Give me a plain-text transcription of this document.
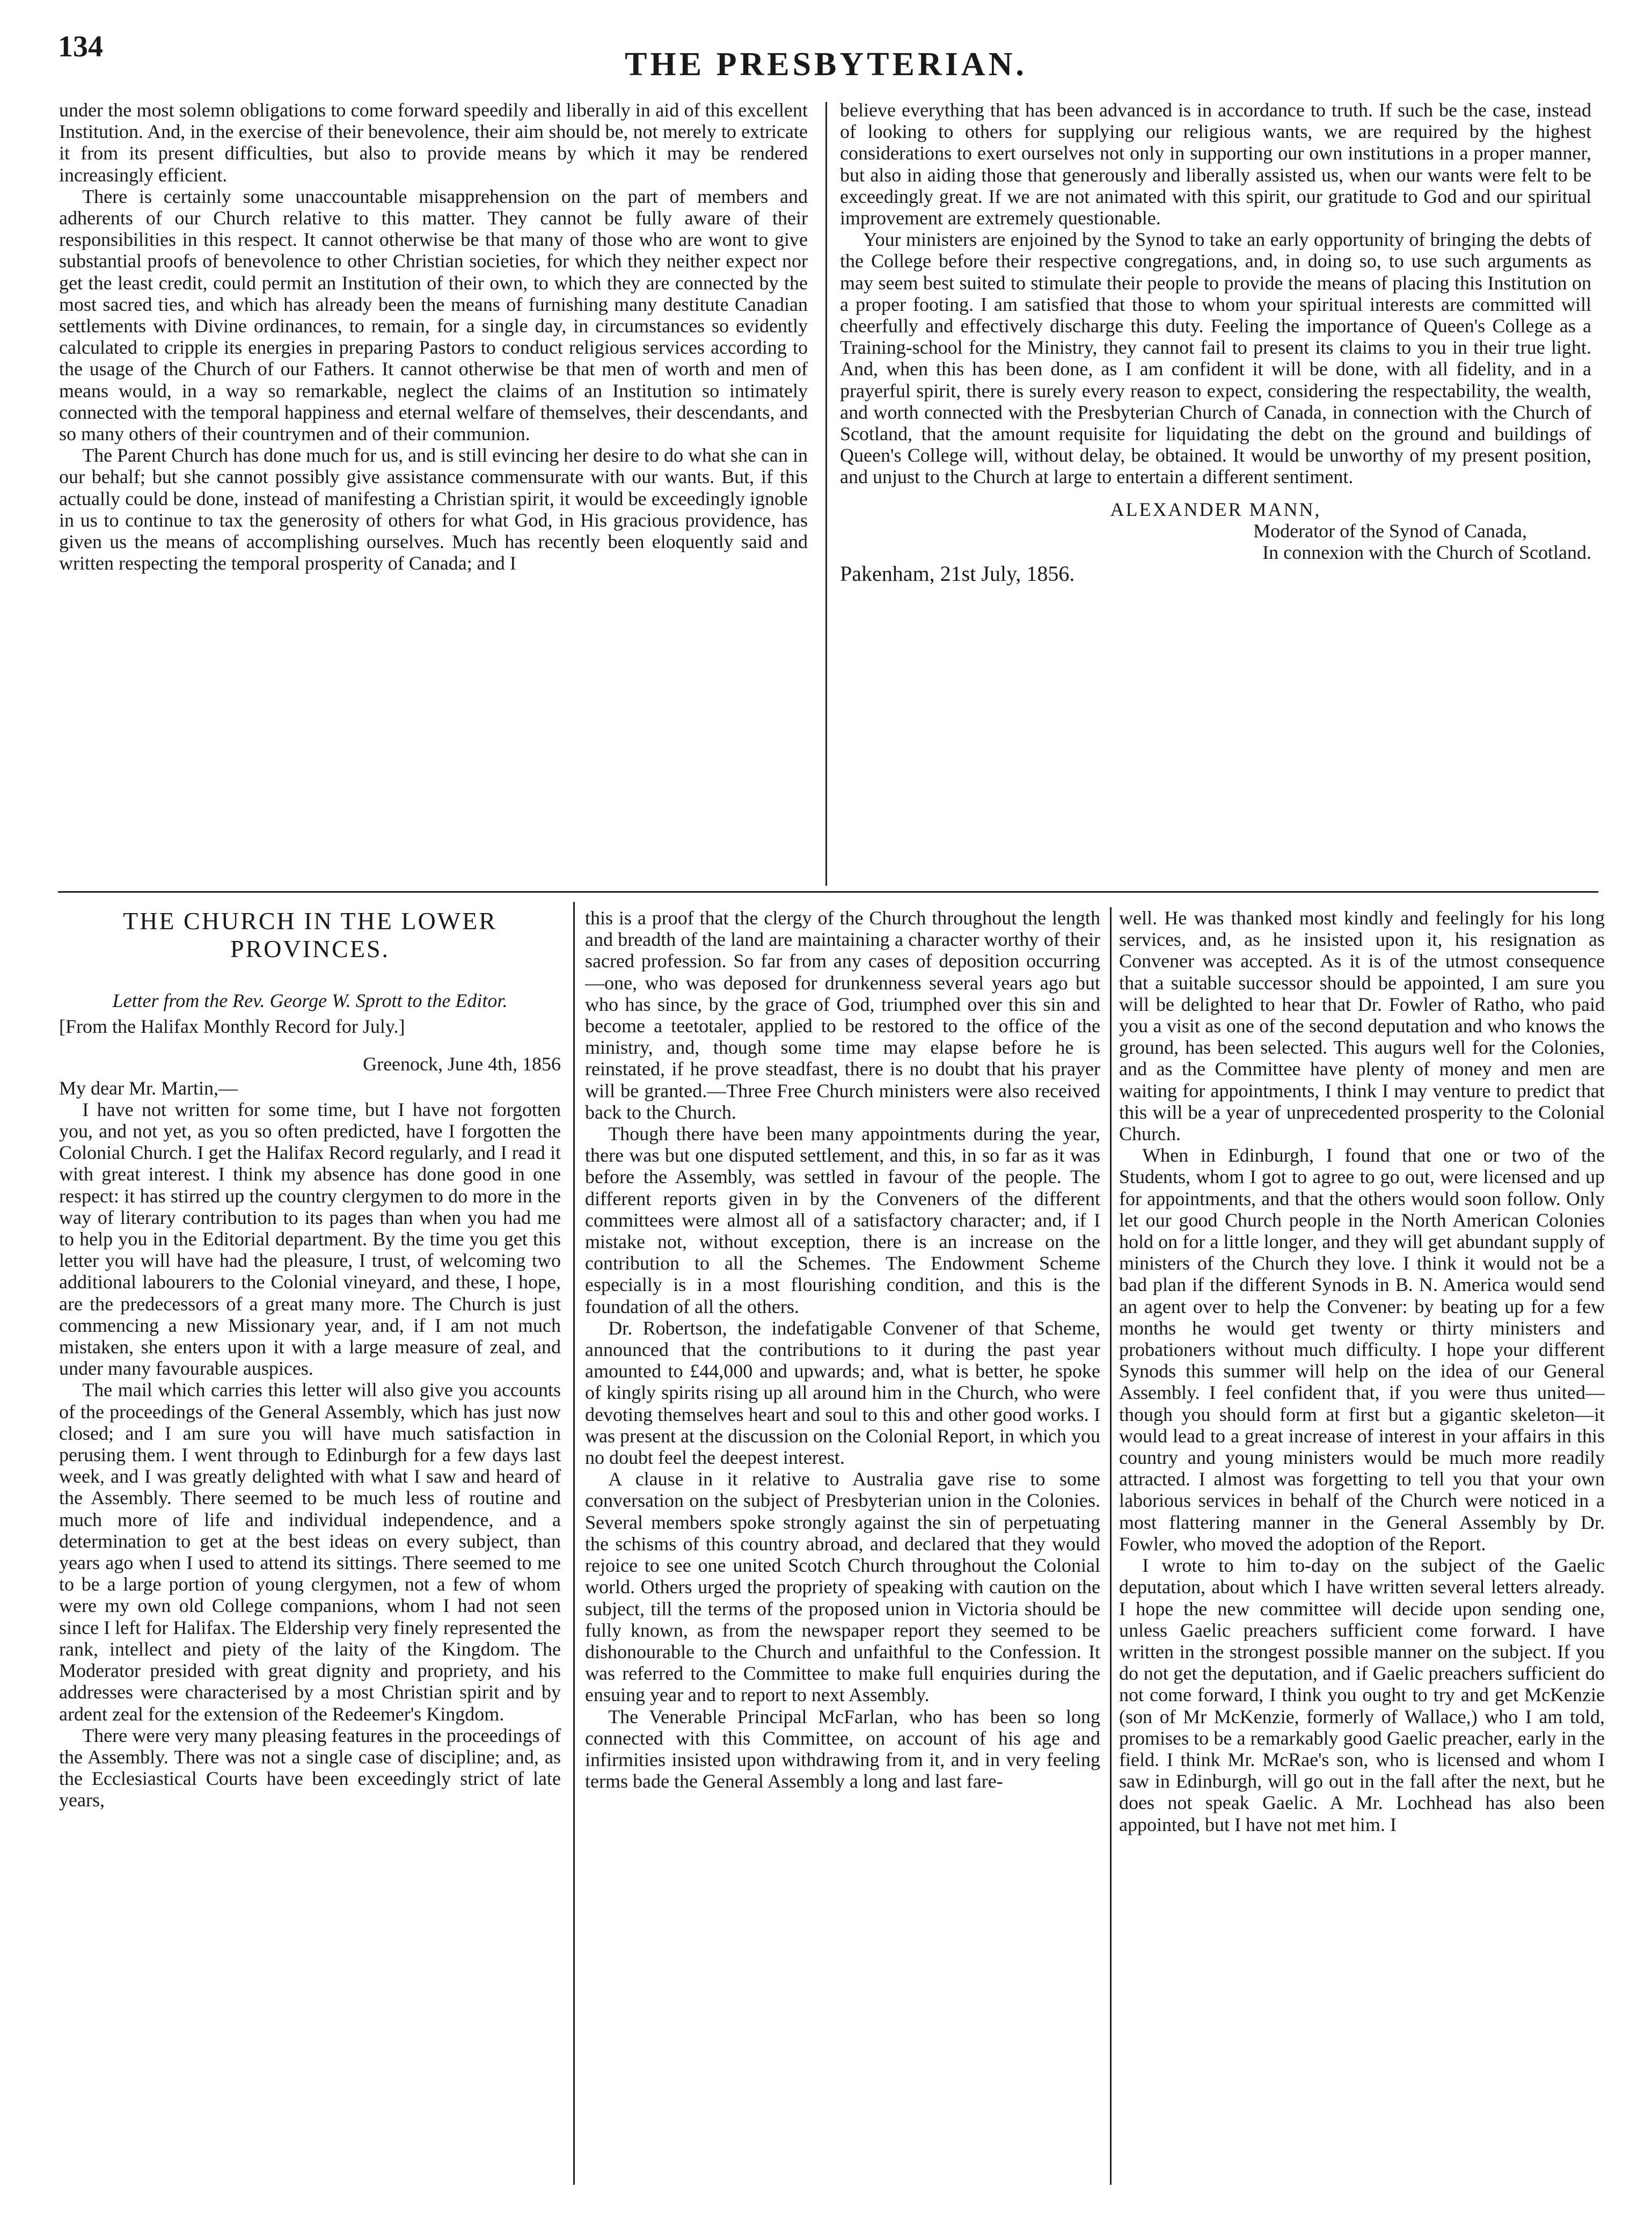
134	THE PRESBYTERIAN.

under the most solemn obligations to come forward speedily and liberally in aid of this excellent Institution. And, in the exercise of their benevolence, their aim should be, not merely to extricate it from its present difficulties, but also to provide means by which it may be rendered increasingly efficient.

There is certainly some unaccountable misapprehension on the part of members and adherents of our Church relative to this matter. They cannot be fully aware of their responsibilities in this respect. It cannot otherwise be that many of those who are wont to give substantial proofs of benevolence to other Christian societies, for which they neither expect nor get the least credit, could permit an Institution of their own, to which they are connected by the most sacred ties, and which has already been the means of furnishing many destitute Canadian settlements with Divine ordinances, to remain, for a single day, in circumstances so evidently calculated to cripple its energies in preparing Pastors to conduct religious services according to the usage of the Church of our Fathers. It cannot otherwise be that men of worth and men of means would, in a way so remarkable, neglect the claims of an Institution so intimately connected with the temporal happiness and eternal welfare of themselves, their descendants, and so many others of their countrymen and of their communion.

The Parent Church has done much for us, and is still evincing her desire to do what she can in our behalf; but she cannot possibly give assistance commensurate with our wants. But, if this actually could be done, instead of manifesting a Christian spirit, it would be exceedingly ignoble in us to continue to tax the generosity of others for what God, in His gracious providence, has given us the means of accomplishing ourselves. Much has recently been eloquently said and written respecting the temporal prosperity of Canada; and I

believe everything that has been advanced is in accordance to truth. If such be the case, instead of looking to others for supplying our religious wants, we are required by the highest considerations to exert ourselves not only in supporting our own institutions in a proper manner, but also in aiding those that generously and liberally assisted us, when our wants were felt to be exceedingly great. If we are not animated with this spirit, our gratitude to God and our spiritual improvement are extremely questionable.

Your ministers are enjoined by the Synod to take an early opportunity of bringing the debts of the College before their respective congregations, and, in doing so, to use such arguments as may seem best suited to stimulate their people to provide the means of placing this Institution on a proper footing. I am satisfied that those to whom your spiritual interests are committed will cheerfully and effectively discharge this duty. Feeling the importance of Queen's College as a Training-school for the Ministry, they cannot fail to present its claims to you in their true light. And, when this has been done, as I am confident it will be done, with all fidelity, and in a prayerful spirit, there is surely every reason to expect, considering the respectability, the wealth, and worth connected with the Presbyterian Church of Canada, in connection with the Church of Scotland, that the amount requisite for liquidating the debt on the ground and buildings of Queen's College will, without delay, be obtained. It would be unworthy of my present position, and unjust to the Church at large to entertain a different sentiment.

ALEXANDER MANN,

Moderator of the Synod of Canada,

In connexion with the Church of Scotland.

Pakenham, 21st July, 1856.

THE CHURCH IN THE LOWER PROVINCES.

Letter from the Rev. George W. Sprott to the Editor.

[From the Halifax Monthly Record for July.]

Greenock, June 4th, 1856

My dear Mr. Martin,—

I have not written for some time, but I have not forgotten you, and not yet, as you so often predicted, have I forgotten the Colonial Church. I get the Halifax Record regularly, and I read it with great interest. I think my absence has done good in one respect: it has stirred up the country clergymen to do more in the way of literary contribution to its pages than when you had me to help you in the Editorial department. By the time you get this letter you will have had the pleasure, I trust, of welcoming two additional labourers to the Colonial vineyard, and these, I hope, are the predecessors of a great many more. The Church is just commencing a new Missionary year, and, if I am not much mistaken, she enters upon it with a large measure of zeal, and under many favourable auspices.

The mail which carries this letter will also give you accounts of the proceedings of the General Assembly, which has just now closed; and I am sure you will have much satisfaction in perusing them. I went through to Edinburgh for a few days last week, and I was greatly delighted with what I saw and heard of the Assembly. There seemed to be much less of routine and much more of life and individual independence, and a determination to get at the best ideas on every subject, than years ago when I used to attend its sittings. There seemed to me to be a large portion of young clergymen, not a few of whom were my own old College companions, whom I had not seen since I left for Halifax. The Eldership very finely represented the rank, intellect and piety of the laity of the Kingdom. The Moderator presided with great dignity and propriety, and his addresses were characterised by a most Christian spirit and by ardent zeal for the extension of the Redeemer's Kingdom.

There were very many pleasing features in the proceedings of the Assembly. There was not a single case of discipline; and, as the Ecclesiastical Courts have been exceedingly strict of late years,

this is a proof that the clergy of the Church throughout the length and breadth of the land are maintaining a character worthy of their sacred profession. So far from any cases of deposition occurring—one, who was deposed for drunkenness several years ago but who has since, by the grace of God, triumphed over this sin and become a teetotaler, applied to be restored to the office of the ministry, and, though some time may elapse before he is reinstated, if he prove steadfast, there is no doubt that his prayer will be granted.—Three Free Church ministers were also received back to the Church.

Though there have been many appointments during the year, there was but one disputed settlement, and this, in so far as it was before the Assembly, was settled in favour of the people. The different reports given in by the Conveners of the different committees were almost all of a satisfactory character; and, if I mistake not, without exception, there is an increase on the contribution to all the Schemes. The Endowment Scheme especially is in a most flourishing condition, and this is the foundation of all the others.

Dr. Robertson, the indefatigable Convener of that Scheme, announced that the contributions to it during the past year amounted to £44,000 and upwards; and, what is better, he spoke of kingly spirits rising up all around him in the Church, who were devoting themselves heart and soul to this and other good works. I was present at the discussion on the Colonial Report, in which you no doubt feel the deepest interest.

A clause in it relative to Australia gave rise to some conversation on the subject of Presbyterian union in the Colonies. Several members spoke strongly against the sin of perpetuating the schisms of this country abroad, and declared that they would rejoice to see one united Scotch Church throughout the Colonial world. Others urged the propriety of speaking with caution on the subject, till the terms of the proposed union in Victoria should be fully known, as from the newspaper report they seemed to be dishonourable to the Church and unfaithful to the Confession. It was referred to the Committee to make full enquiries during the ensuing year and to report to next Assembly.

The Venerable Principal McFarlan, who has been so long connected with this Committee, on account of his age and infirmities insisted upon withdrawing from it, and in very feeling terms bade the General Assembly a long and last fare-

well. He was thanked most kindly and feelingly for his long services, and, as he insisted upon it, his resignation as Convener was accepted. As it is of the utmost consequence that a suitable successor should be appointed, I am sure you will be delighted to hear that Dr. Fowler of Ratho, who paid you a visit as one of the second deputation and who knows the ground, has been selected. This augurs well for the Colonies, and as the Committee have plenty of money and men are waiting for appointments, I think I may venture to predict that this will be a year of unprecedented prosperity to the Colonial Church.

When in Edinburgh, I found that one or two of the Students, whom I got to agree to go out, were licensed and up for appointments, and that the others would soon follow. Only let our good Church people in the North American Colonies hold on for a little longer, and they will get abundant supply of ministers of the Church they love. I think it would not be a bad plan if the different Synods in B. N. America would send an agent over to help the Convener: by beating up for a few months he would get twenty or thirty ministers and probationers without much difficulty. I hope your different Synods this summer will help on the idea of our General Assembly. I feel confident that, if you were thus united—though you should form at first but a gigantic skeleton—it would lead to a great increase of interest in your affairs in this country and young ministers would be much more readily attracted. I almost was forgetting to tell you that your own laborious services in behalf of the Church were noticed in a most flattering manner in the General Assembly by Dr. Fowler, who moved the adoption of the Report.

I wrote to him to-day on the subject of the Gaelic deputation, about which I have written several letters already. I hope the new committee will decide upon sending one, unless Gaelic preachers sufficient come forward. I have written in the strongest possible manner on the subject. If you do not get the deputation, and if Gaelic preachers sufficient do not come forward, I think you ought to try and get McKenzie (son of Mr McKenzie, formerly of Wallace,) who I am told, promises to be a remarkably good Gaelic preacher, early in the field. I think Mr. McRae's son, who is licensed and whom I saw in Edinburgh, will go out in the fall after the next, but he does not speak Gaelic. A Mr. Lochhead has also been appointed, but I have not met him. I
